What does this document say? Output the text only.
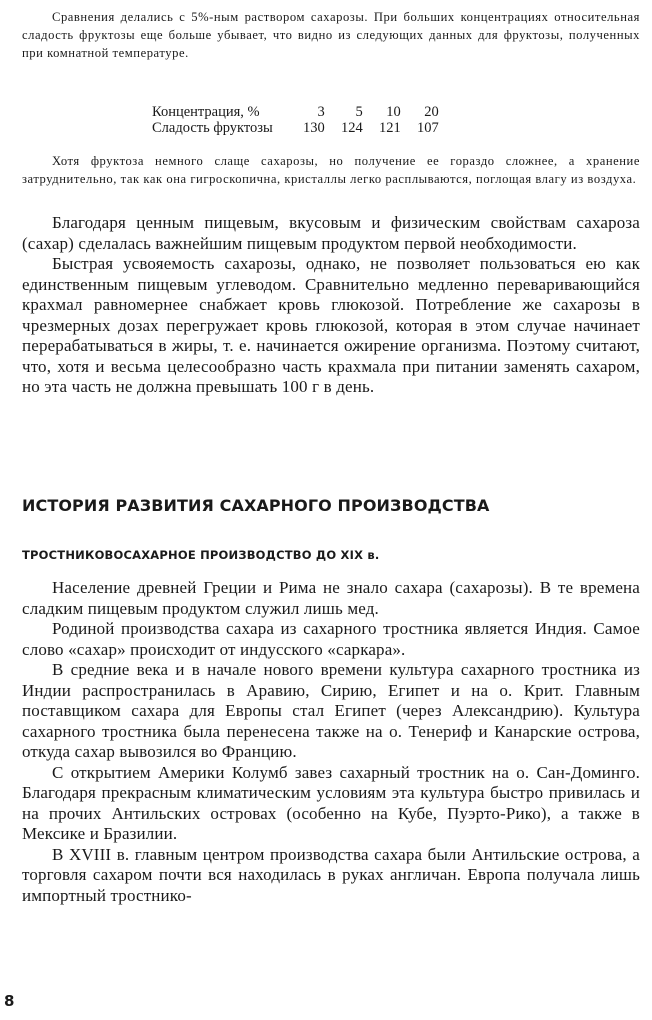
Сравнения делались с 5%-ным раствором сахарозы. При больших концентрациях относительная сладость фруктозы еще больше убывает, что видно из следующих данных для фруктозы, полученных при комнатной температуре.

Концентрация, %	3	5	10	20
Сладость фруктозы	130	124	121	107

Хотя фруктоза немного слаще сахарозы, но получение ее гораздо сложнее, а хранение затруднительно, так как она гигроскопична, кристаллы легко расплываются, поглощая влагу из воздуха.

Благодаря ценным пищевым, вкусовым и физическим свойствам сахароза (сахар) сделалась важнейшим пищевым продуктом первой необходимости.

Быстрая усвояемость сахарозы, однако, не позволяет пользоваться ею как единственным пищевым углеводом. Сравнительно медленно переваривающийся крахмал равномернее снабжает кровь глюкозой. Потребление же сахарозы в чрезмерных дозах перегружает кровь глюкозой, которая в этом случае начинает перерабатываться в жиры, т. е. начинается ожирение организма. Поэтому считают, что, хотя и весьма целесообразно часть крахмала при питании заменять сахаром, но эта часть не должна превышать 100 г в день.

ИСТОРИЯ РАЗВИТИЯ САХАРНОГО ПРОИЗВОДСТВА
ТРОСТНИКОВОСАХАРНОЕ ПРОИЗВОДСТВО ДО XIX в.

Население древней Греции и Рима не знало сахара (сахарозы). В те времена сладким пищевым продуктом служил лишь мед.

Родиной производства сахара из сахарного тростника является Индия. Самое слово «сахар» происходит от индусского «саркара».

В средние века и в начале нового времени культура сахарного тростника из Индии распространилась в Аравию, Сирию, Египет и на о. Крит. Главным поставщиком сахара для Европы стал Египет (через Александрию). Культура сахарного тростника была перенесена также на о. Тенериф и Канарские острова, откуда сахар вывозился во Францию.

С открытием Америки Колумб завез сахарный тростник на о. Сан-Доминго. Благодаря прекрасным климатическим условиям эта культура быстро привилась и на прочих Антильских островах (особенно на Кубе, Пуэрто-Рико), а также в Мексике и Бразилии.

В XVIII в. главным центром производства сахара были Антильские острова, а торговля сахаром почти вся находилась в руках англичан. Европа получала лишь импортный тростнико-

8
